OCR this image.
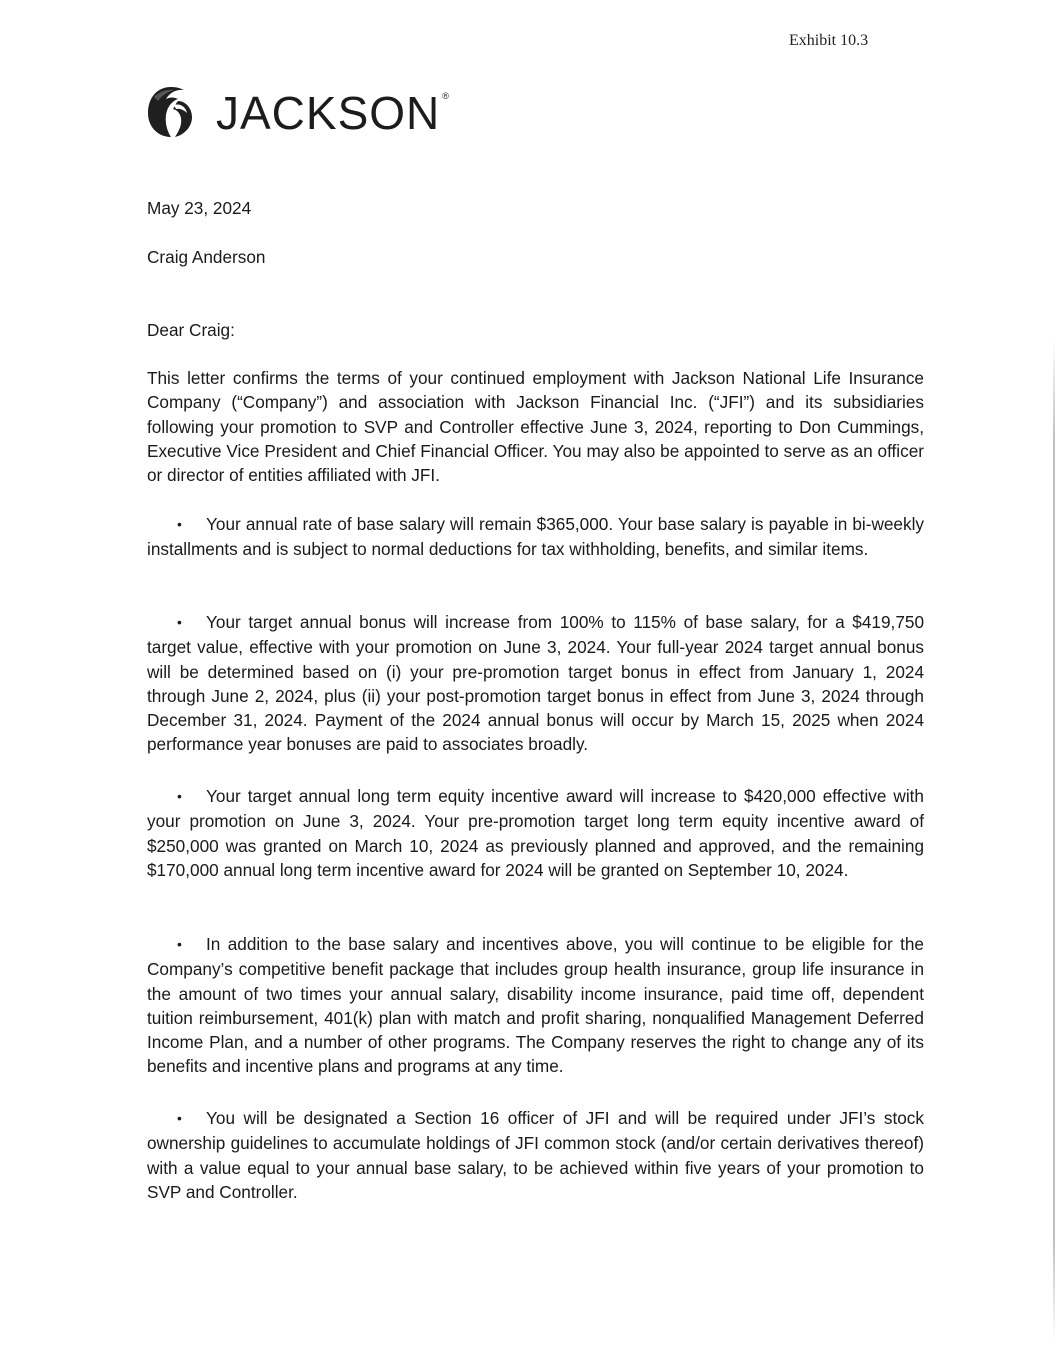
Exhibit 10.3
JACKSON ®
May 23, 2024
Craig Anderson
Dear Craig:
This letter confirms the terms of your continued employment with Jackson National Life Insurance Company (“Company”) and association with Jackson Financial Inc. (“JFI”) and its subsidiaries following your promotion to SVP and Controller effective June 3, 2024, reporting to Don Cummings, Executive Vice President and Chief Financial Officer. You may also be appointed to serve as an officer or director of entities affiliated with JFI.
• Your annual rate of base salary will remain $365,000. Your base salary is payable in bi-weekly installments and is subject to normal deductions for tax withholding, benefits, and similar items.
• Your target annual bonus will increase from 100% to 115% of base salary, for a $419,750 target value, effective with your promotion on June 3, 2024. Your full-year 2024 target annual bonus will be determined based on (i) your pre-promotion target bonus in effect from January 1, 2024 through June 2, 2024, plus (ii) your post-promotion target bonus in effect from June 3, 2024 through December 31, 2024. Payment of the 2024 annual bonus will occur by March 15, 2025 when 2024 performance year bonuses are paid to associates broadly.
• Your target annual long term equity incentive award will increase to $420,000 effective with your promotion on June 3, 2024. Your pre-promotion target long term equity incentive award of $250,000 was granted on March 10, 2024 as previously planned and approved, and the remaining $170,000 annual long term incentive award for 2024 will be granted on September 10, 2024.
• In addition to the base salary and incentives above, you will continue to be eligible for the Company’s competitive benefit package that includes group health insurance, group life insurance in the amount of two times your annual salary, disability income insurance, paid time off, dependent tuition reimbursement, 401(k) plan with match and profit sharing, nonqualified Management Deferred Income Plan, and a number of other programs. The Company reserves the right to change any of its benefits and incentive plans and programs at any time.
• You will be designated a Section 16 officer of JFI and will be required under JFI’s stock ownership guidelines to accumulate holdings of JFI common stock (and/or certain derivatives thereof) with a value equal to your annual base salary, to be achieved within five years of your promotion to SVP and Controller.
